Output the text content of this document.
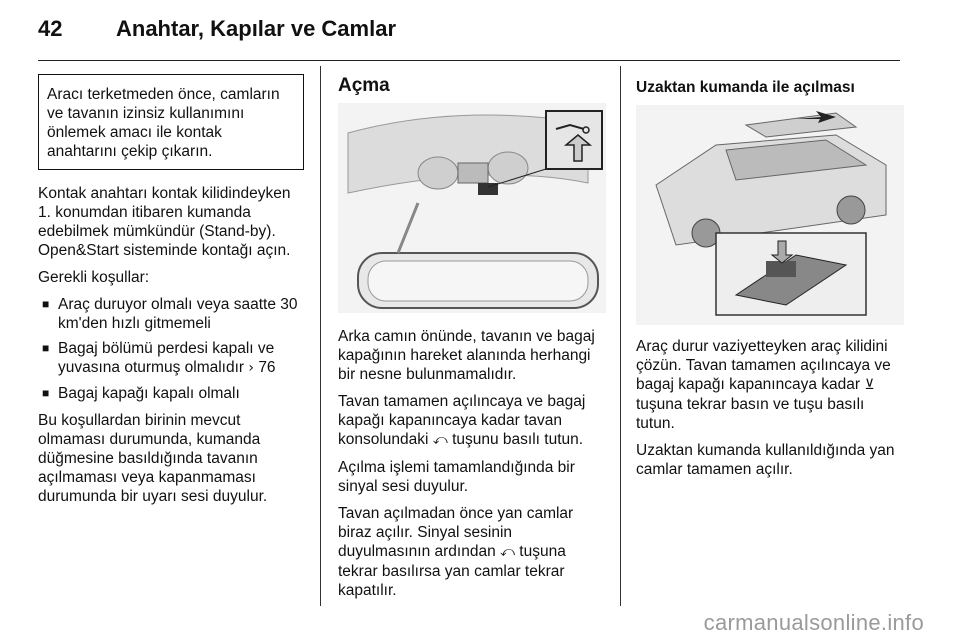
42 Anahtar, Kapılar ve Camlar
Aracı terketmeden önce, camların ve tavanın izinsiz kullanımını önlemek amacı ile kontak anahtarını çekip çıkarın.

Kontak anahtarı kontak kilidindeyken 1. konumdan itibaren kumanda edebilmek mümkündür (Stand-by). Open&Start sisteminde kontağı açın.

Gerekli koşullar:

■ Araç duruyor olmalı veya saatte 30 km'den hızlı gitmemeli
■ Bagaj bölümü perdesi kapalı ve yuvasına oturmuş olmalıdır › 76
■ Bagaj kapağı kapalı olmalı

Bu koşullardan birinin mevcut olmaması durumunda, kumanda düğmesine basıldığında tavanın açılmaması veya kapanmaması durumunda bir uyarı sesi duyulur.

Açma

Arka camın önünde, tavanın ve bagaj kapağının hareket alanında herhangi bir nesne bulunmamalıdır.

Tavan tamamen açılıncaya ve bagaj kapağı kapanıncaya kadar tavan konsolundaki ⤺ tuşunu basılı tutun.

Açılma işlemi tamamlandığında bir sinyal sesi duyulur.

Tavan açılmadan önce yan camlar biraz açılır. Sinyal sesinin duyulmasının ardından ⤺ tuşuna tekrar basılırsa yan camlar tekrar kapatılır.

Uzaktan kumanda ile açılması

Araç durur vaziyetteyken araç kilidini çözün. Tavan tamamen açılıncaya ve bagaj kapağı kapanıncaya kadar ⊻ tuşuna tekrar basın ve tuşu basılı tutun.

Uzaktan kumanda kullanıldığında yan camlar tamamen açılır.

carmanualsonline.info
